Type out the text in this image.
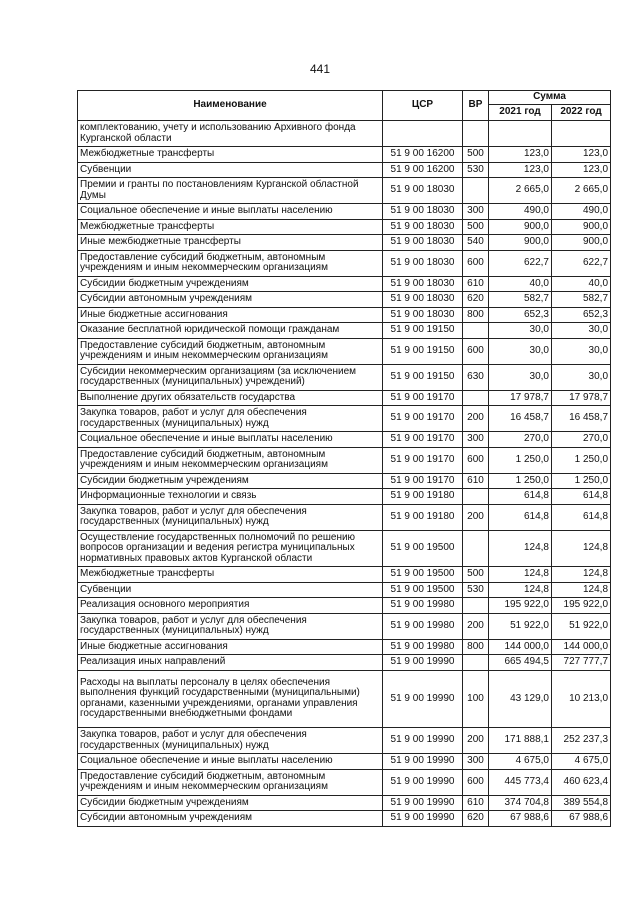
441
Наименование	ЦСР	ВР	Сумма	
			2021 год	2022 год
комплектованию, учету и использованию Архивного фонда Курганской области				
Межбюджетные трансферты	51 9 00 16200	500	123,0	123,0
Субвенции	51 9 00 16200	530	123,0	123,0
Премии и гранты по постановлениям Курганской областной Думы	51 9 00 18030		2 665,0	2 665,0
Социальное обеспечение и иные выплаты населению	51 9 00 18030	300	490,0	490,0
Межбюджетные трансферты	51 9 00 18030	500	900,0	900,0
Иные межбюджетные трансферты	51 9 00 18030	540	900,0	900,0
Предоставление субсидий бюджетным, автономным учреждениям и иным некоммерческим организациям	51 9 00 18030	600	622,7	622,7
Субсидии бюджетным учреждениям	51 9 00 18030	610	40,0	40,0
Субсидии автономным учреждениям	51 9 00 18030	620	582,7	582,7
Иные бюджетные ассигнования	51 9 00 18030	800	652,3	652,3
Оказание бесплатной юридической помощи гражданам	51 9 00 19150		30,0	30,0
Предоставление субсидий бюджетным, автономным учреждениям и иным некоммерческим организациям	51 9 00 19150	600	30,0	30,0
Субсидии некоммерческим организациям (за исключением государственных (муниципальных) учреждений)	51 9 00 19150	630	30,0	30,0
Выполнение других обязательств государства	51 9 00 19170		17 978,7	17 978,7
Закупка товаров, работ и услуг для обеспечения государственных (муниципальных) нужд	51 9 00 19170	200	16 458,7	16 458,7
Социальное обеспечение и иные выплаты населению	51 9 00 19170	300	270,0	270,0
Предоставление субсидий бюджетным, автономным учреждениям и иным некоммерческим организациям	51 9 00 19170	600	1 250,0	1 250,0
Субсидии бюджетным учреждениям	51 9 00 19170	610	1 250,0	1 250,0
Информационные технологии и связь	51 9 00 19180		614,8	614,8
Закупка товаров, работ и услуг для обеспечения государственных (муниципальных) нужд	51 9 00 19180	200	614,8	614,8
Осуществление государственных полномочий по решению вопросов организации и ведения регистра муниципальных нормативных правовых актов Курганской области	51 9 00 19500		124,8	124,8
Межбюджетные трансферты	51 9 00 19500	500	124,8	124,8
Субвенции	51 9 00 19500	530	124,8	124,8
Реализация основного мероприятия	51 9 00 19980		195 922,0	195 922,0
Закупка товаров, работ и услуг для обеспечения государственных (муниципальных) нужд	51 9 00 19980	200	51 922,0	51 922,0
Иные бюджетные ассигнования	51 9 00 19980	800	144 000,0	144 000,0
Реализация иных направлений	51 9 00 19990		665 494,5	727 777,7
Расходы на выплаты персоналу в целях обеспечения выполнения функций государственными (муниципальными) органами, казенными учреждениями, органами управления государственными внебюджетными фондами	51 9 00 19990	100	43 129,0	10 213,0
Закупка товаров, работ и услуг для обеспечения государственных (муниципальных) нужд	51 9 00 19990	200	171 888,1	252 237,3
Социальное обеспечение и иные выплаты населению	51 9 00 19990	300	4 675,0	4 675,0
Предоставление субсидий бюджетным, автономным учреждениям и иным некоммерческим организациям	51 9 00 19990	600	445 773,4	460 623,4
Субсидии бюджетным учреждениям	51 9 00 19990	610	374 704,8	389 554,8
Субсидии автономным учреждениям	51 9 00 19990	620	67 988,6	67 988,6
